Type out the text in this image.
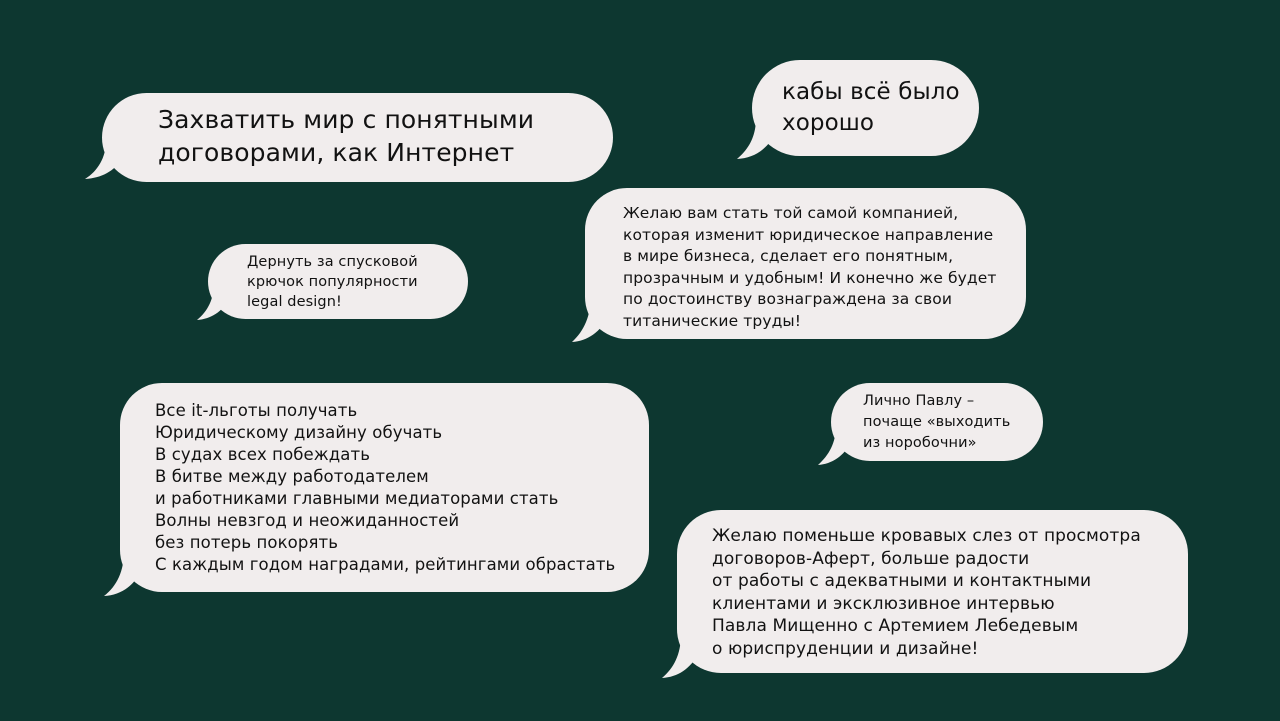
Захватить мир с понятными
договорами, как Интернет
кабы всё было
хорошо
Желаю вам стать той самой компанией,
которая изменит юридическое направление
в мире бизнеса, сделает его понятным,
прозрачным и удобным! И конечно же будет
по достоинству вознаграждена за свои
титанические труды!
Дернуть за спусковой
крючок популярности
legal design!
Все it-льготы получать
Юридическому дизайну обучать
В судах всех побеждать
В битве между работодателем
и работниками главными медиаторами стать
Волны невзгод и неожиданностей
без потерь покорять
С каждым годом наградами, рейтингами обрастать
Лично Павлу –
почаще «выходить
из норобочни»
Желаю поменьше кровавых слез от просмотра
договоров-Аферт, больше радости
от работы с адекватными и контактными
клиентами и эксклюзивное интервью
Павла Мищенно с Артемием Лебедевым
о юриспруденции и дизайне!
